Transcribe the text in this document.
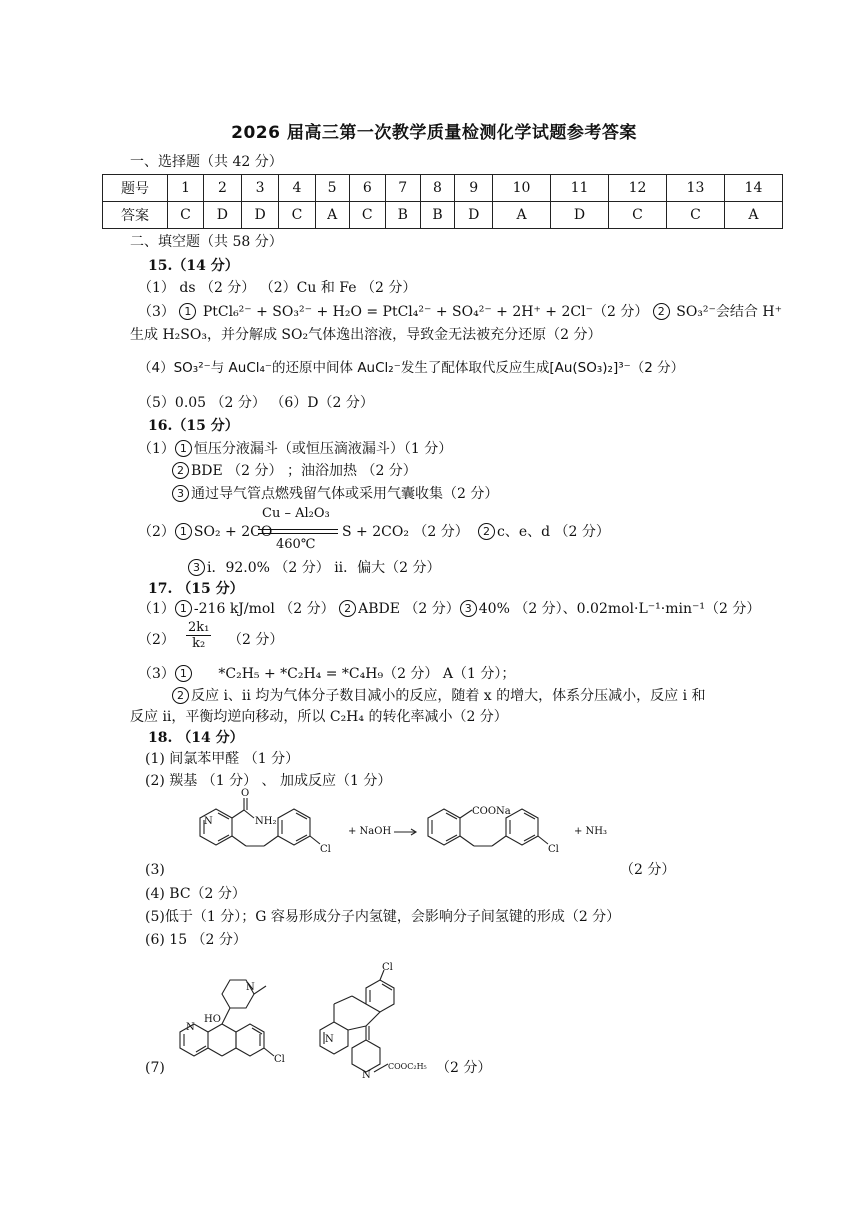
2026 届高三第一次教学质量检测化学试题参考答案
一、选择题（共 42 分）
题号	1	2	3	4	5	6	7	8	9	10	11	12	13	14
答案	C	D	D	C	A	C	B	B	D	A	D	C	C	A
二、填空题（共 58 分）
15.（14 分）
（1） ds （2 分） （2）Cu 和 Fe （2 分）
（3） 1 PtCl₆²⁻ + SO₃²⁻ + H₂O = PtCl₄²⁻ + SO₄²⁻ + 2H⁺ + 2Cl⁻（2 分） 2 SO₃²⁻会结合 H⁺
生成 H₂SO₃，并分解成 SO₂气体逸出溶液，导致金无法被充分还原（2 分）
（4）SO₃²⁻与 AuCl₄⁻的还原中间体 AuCl₂⁻发生了配体取代反应生成[Au(SO₃)₂]³⁻（2 分）
（5）0.05 （2 分） （6）D（2 分）
16.（15 分）
（1） 1 恒压分液漏斗（或恒压滴液漏斗）（1 分）
2 BDE （2 分） ；油浴加热 （2 分）
3 通过导气管点燃残留气体或采用气囊收集（2 分）
（2） 1 SO₂ + 2CO
Cu – Al₂O₃
460℃
S + 2CO₂ （2 分）	2 c、e、d （2 分）
3 i．92.0% （2 分） ii．偏大（2 分）
17. （15 分）
（1） 1 -216 kJ/mol （2 分） 2 ABDE （2 分） 3 40% （2 分）、0.02mol·L⁻¹·min⁻¹（2 分）
$(2) \frac{\text{2k₁}}{\text{k₂}} (2$ 分）
（3） 1 *C₂H₅ + *C₂H₄ = *C₄H₉（2 分） A（1 分）；
2 反应 i、ii 均为气体分子数目减小的反应，随着 x 的增大，体系分压减小，反应 i 和
反应 ii，平衡均逆向移动，所以 C₂H₄ 的转化率减小（2 分）
18. （14 分）
(1) 间氯苯甲醛 （1 分）
(2) 羰基 （1 分） 、 加成反应（1 分）
N
O
NH₂
Cl
+ NaOH
COONa
Cl
+ NH₃
(3)	（2 分）
(4) BC（2 分）
(5)低于（1 分）；G 容易形成分子内氢键，会影响分子间氢键的形成（2 分）
(6) 15 （2 分）
N
Cl
HO
N
N
Cl
N
COOC₂H₅
(7)	（2 分）
